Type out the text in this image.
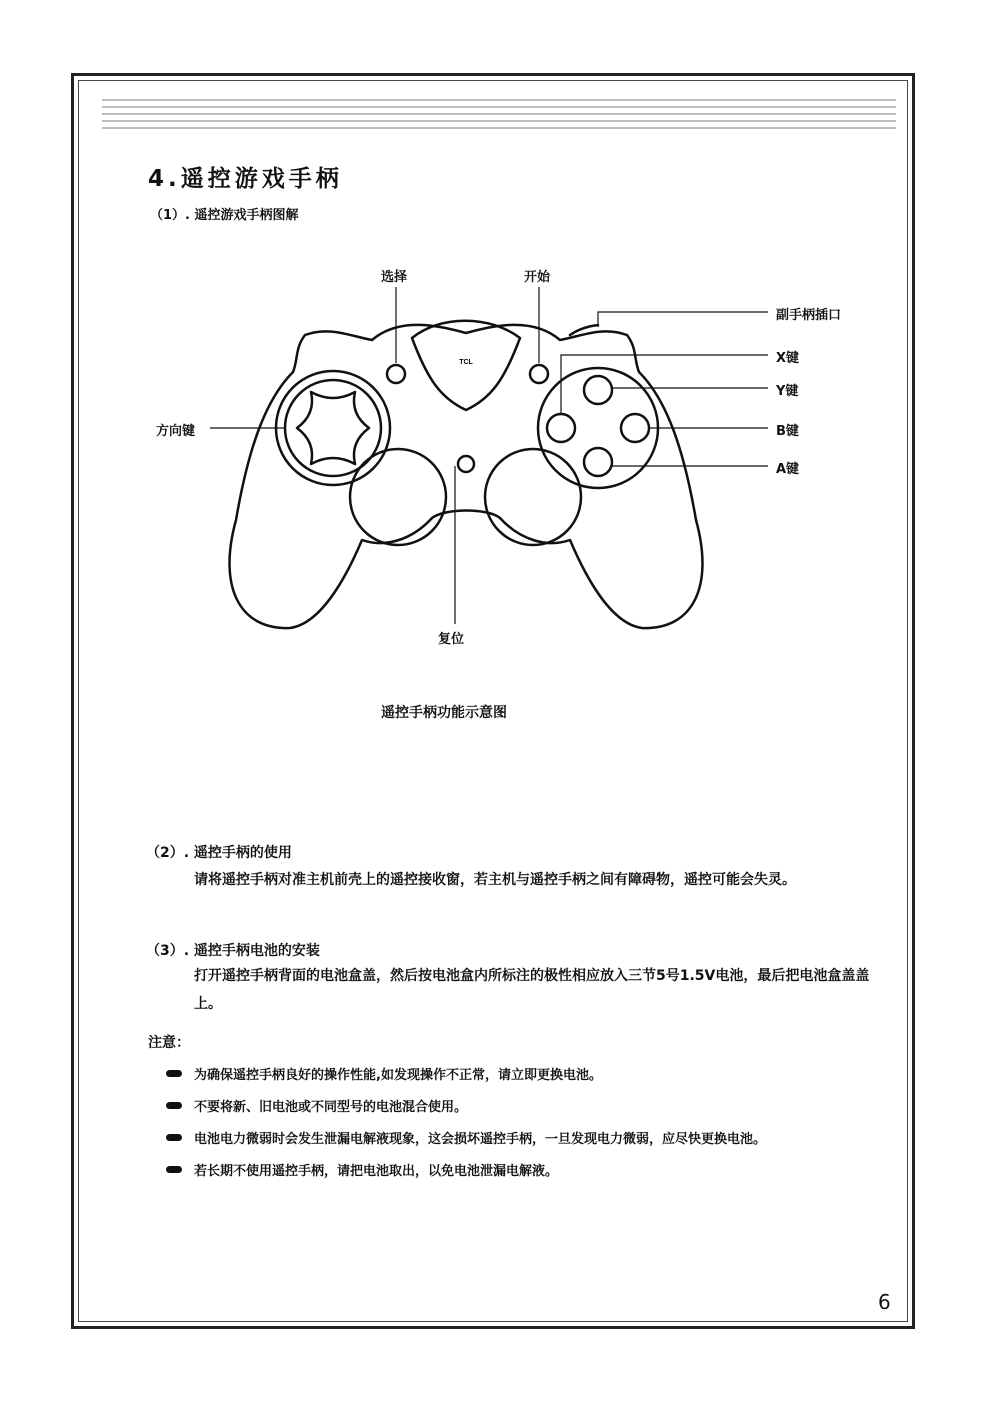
4.遥控游戏手柄
（1）. 遥控游戏手柄图解
TCL
选择	开始
副手柄插口
X键
Y键
B键
A键
方向键
复位
遥控手柄功能示意图
（2）. 遥控手柄的使用
请将遥控手柄对准主机前壳上的遥控接收窗，若主机与遥控手柄之间有障碍物，遥控可能会失灵。
（3）. 遥控手柄电池的安装
打开遥控手柄背面的电池盒盖，然后按电池盒内所标注的极性相应放入三节5号1.5V电池，最后把电池盒盖盖上。
注意：
为确保遥控手柄良好的操作性能,如发现操作不正常，请立即更换电池。
不要将新、旧电池或不同型号的电池混合使用。
电池电力微弱时会发生泄漏电解液现象，这会损坏遥控手柄，一旦发现电力微弱，应尽快更换电池。
若长期不使用遥控手柄，请把电池取出，以免电池泄漏电解液。
6
